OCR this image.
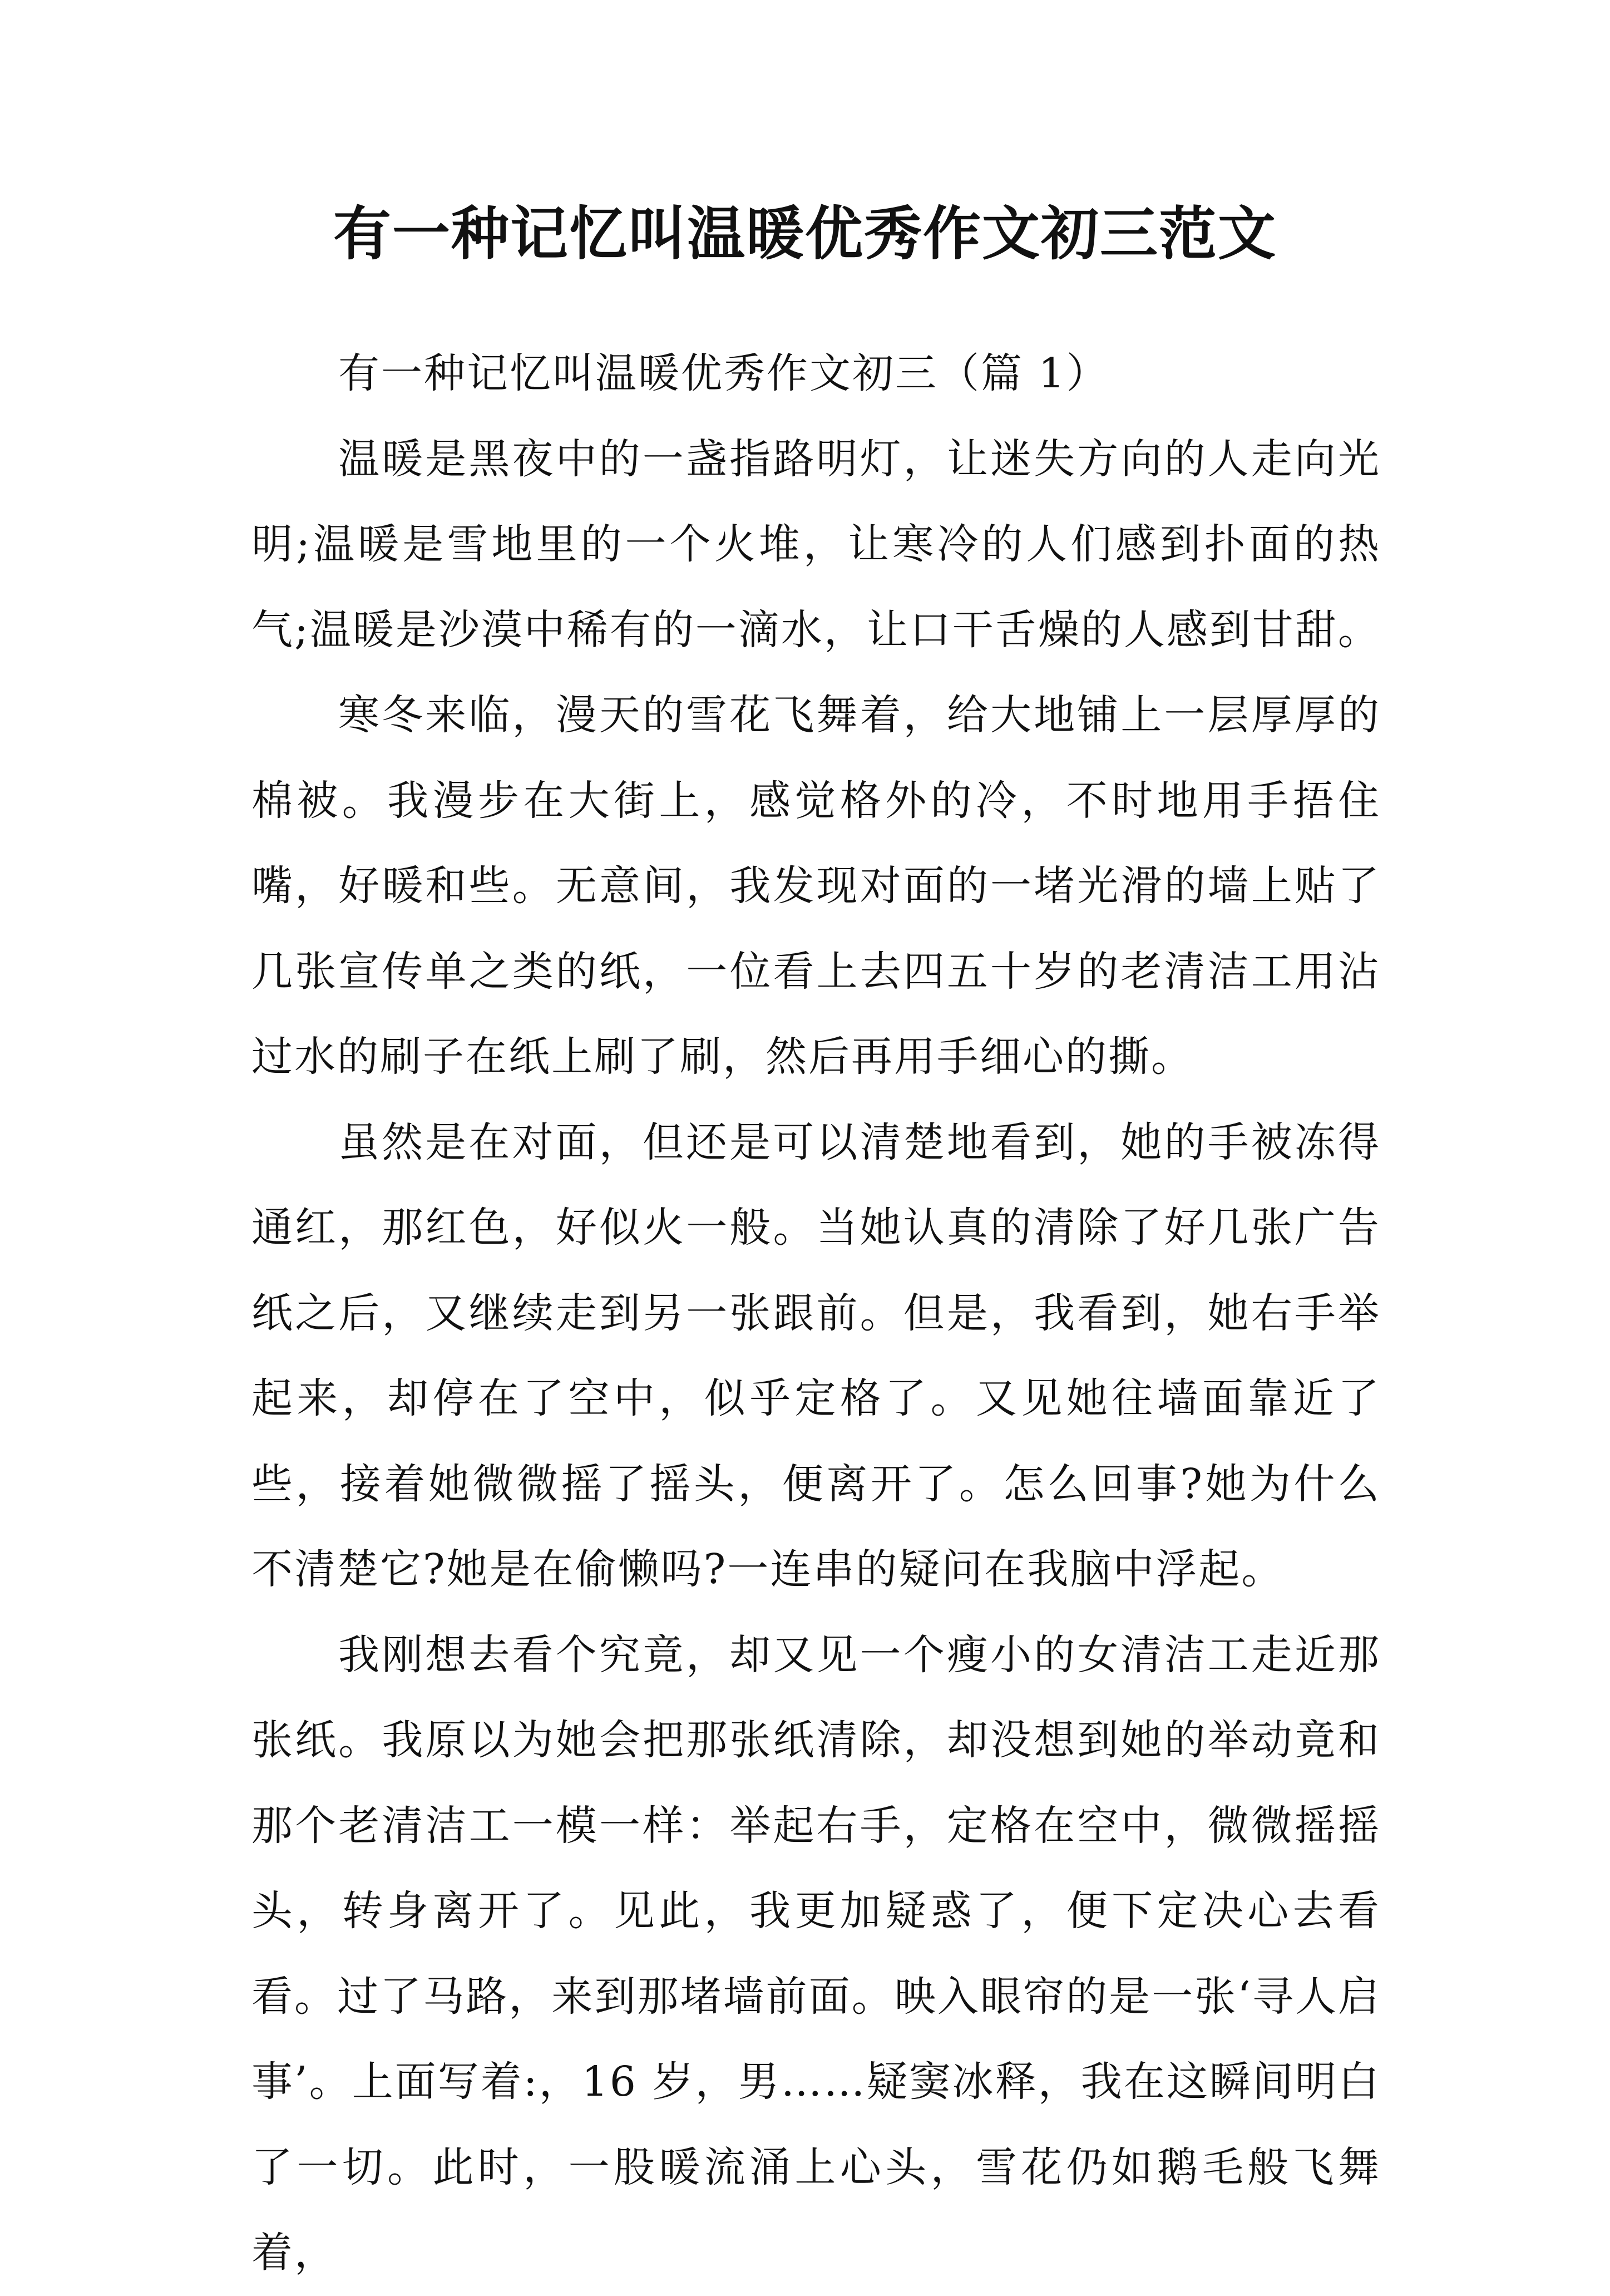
有一种记忆叫温暖优秀作文初三范文

有一种记忆叫温暖优秀作文初三（篇 1）

温暖是黑夜中的一盏指路明灯，让迷失方向的人走向光明;温暖是雪地里的一个火堆，让寒冷的人们感到扑面的热气;温暖是沙漠中稀有的一滴水，让口干舌燥的人感到甘甜。

寒冬来临，漫天的雪花飞舞着，给大地铺上一层厚厚的棉被。我漫步在大街上，感觉格外的冷，不时地用手捂住嘴，好暖和些。无意间，我发现对面的一堵光滑的墙上贴了几张宣传单之类的纸，一位看上去四五十岁的老清洁工用沾过水的刷子在纸上刷了刷，然后再用手细心的撕。

虽然是在对面，但还是可以清楚地看到，她的手被冻得通红，那红色，好似火一般。当她认真的清除了好几张广告纸之后，又继续走到另一张跟前。但是，我看到，她右手举起来，却停在了空中，似乎定格了。又见她往墙面靠近了些，接着她微微摇了摇头，便离开了。怎么回事?她为什么不清楚它?她是在偷懒吗?一连串的疑问在我脑中浮起。

我刚想去看个究竟，却又见一个瘦小的女清洁工走近那张纸。我原以为她会把那张纸清除，却没想到她的举动竟和那个老清洁工一模一样：举起右手，定格在空中，微微摇摇头，转身离开了。见此，我更加疑惑了，便下定决心去看看。过了马路，来到那堵墙前面。映入眼帘的是一张‘寻人启事’。上面写着:，16 岁，男……疑窦冰释，我在这瞬间明白了一切。此时，一股暖流涌上心头，雪花仍如鹅毛般飞舞着，
